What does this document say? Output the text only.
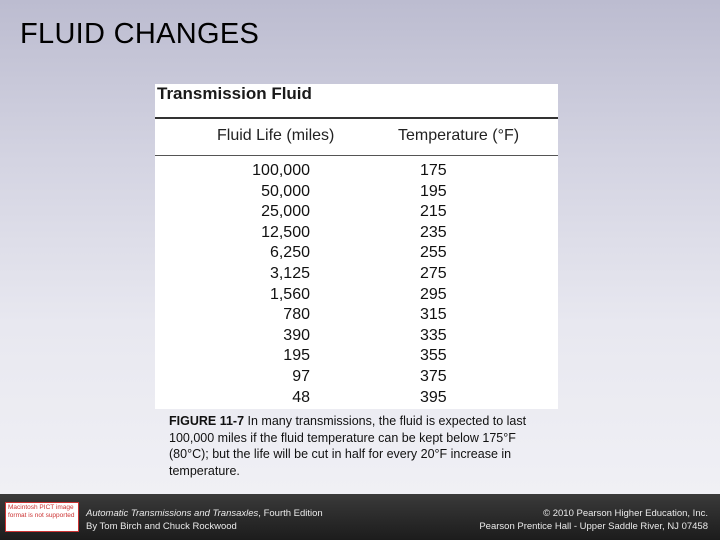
FLUID CHANGES
Transmission Fluid
Fluid Life (miles)	Temperature (°F)
100,000	175
50,000	195
25,000	215
12,500	235
6,250	255
3,125	275
1,560	295
780	315
390	335
195	355
97	375
48	395
FIGURE 11-7 In many transmissions, the fluid is expected to last 100,000 miles if the fluid temperature can be kept below 175°F (80°C); but the life will be cut in half for every 20°F increase in temperature.
Macintosh PICT image format is not supported	Automatic Transmissions and Transaxles, Fourth Edition
By Tom Birch and Chuck Rockwood
© 2010 Pearson Higher Education, Inc.
Pearson Prentice Hall - Upper Saddle River, NJ 07458
